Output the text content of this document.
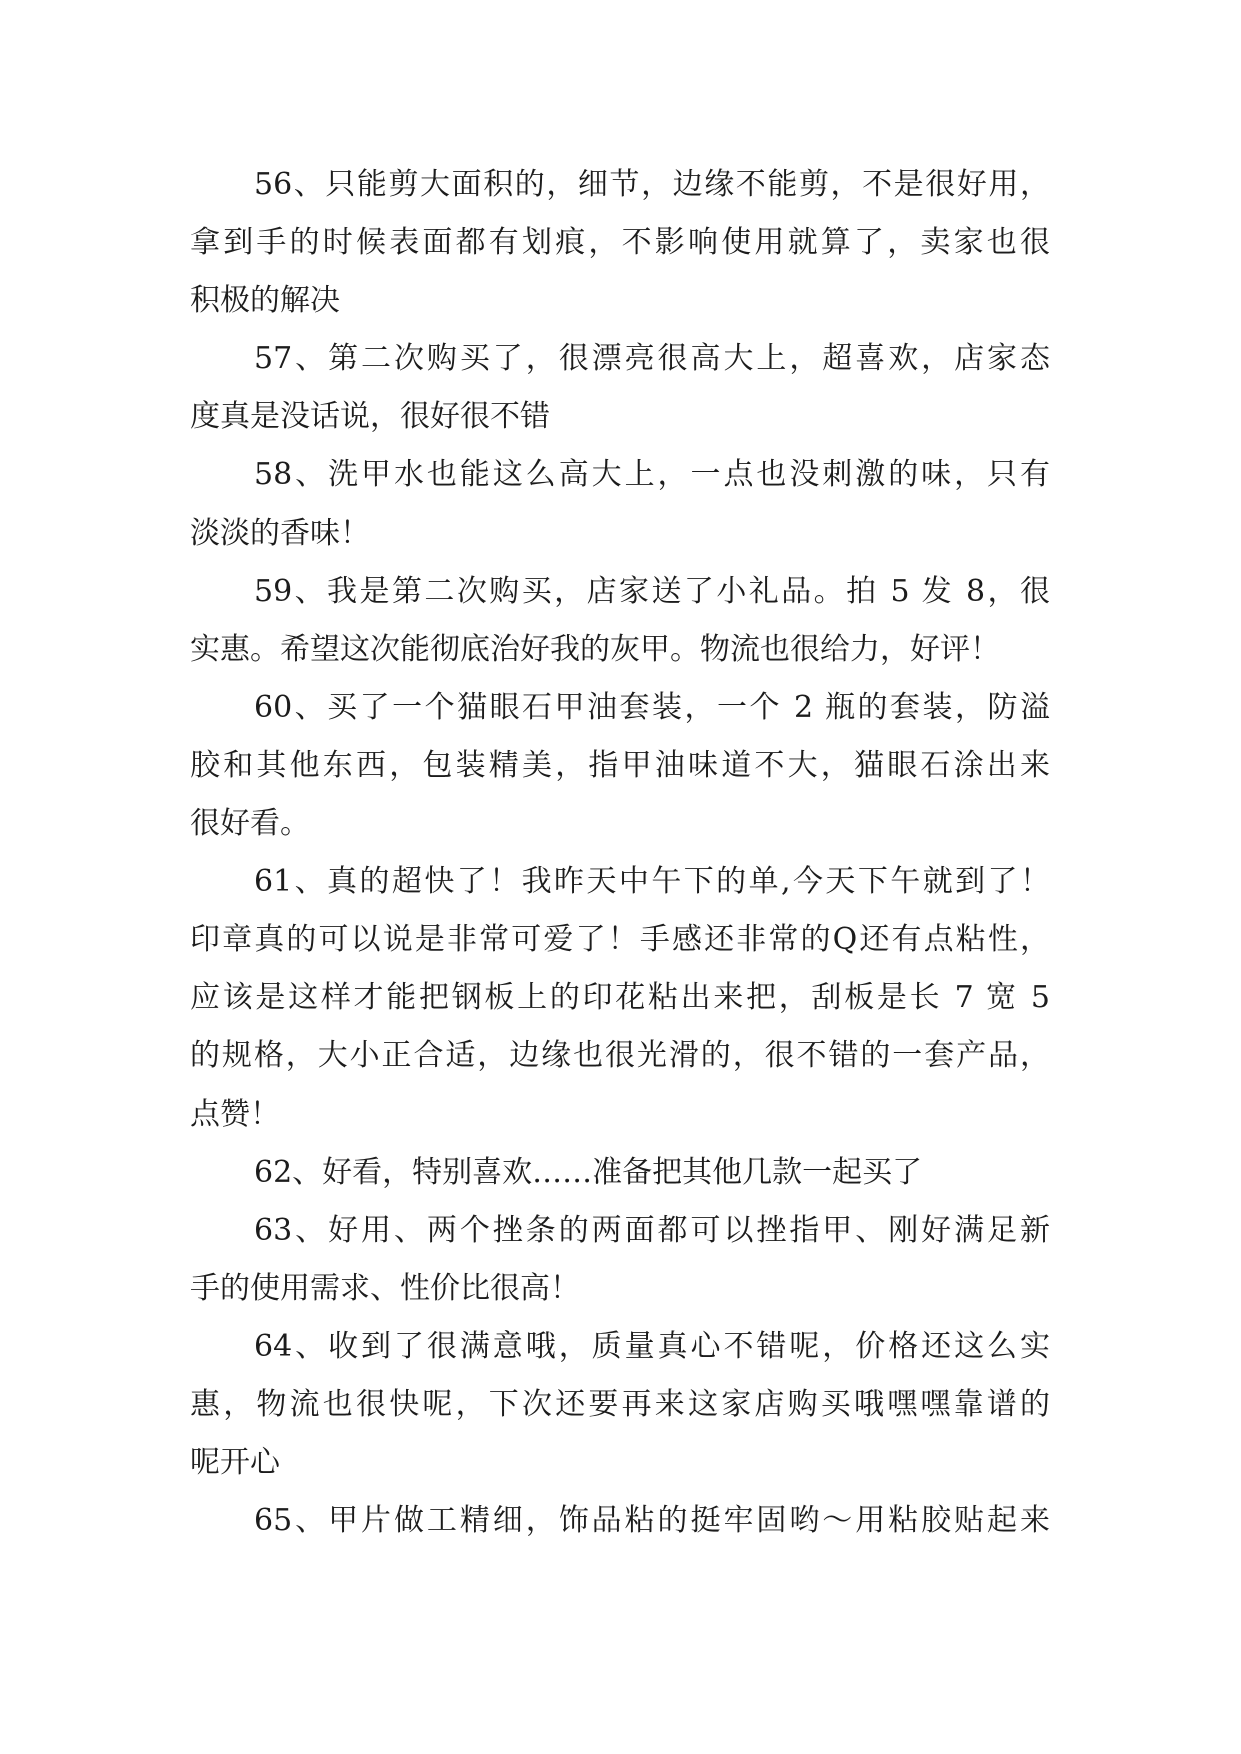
56、只能剪大面积的，细节，边缘不能剪，不是很好用，
拿到手的时候表面都有划痕，不影响使用就算了，卖家也很
积极的解决
57、第二次购买了，很漂亮很高大上，超喜欢，店家态
度真是没话说，很好很不错
58、洗甲水也能这么高大上，一点也没刺激的味，只有
淡淡的香味！
59、我是第二次购买，店家送了小礼品。拍 5 发 8，很
实惠。希望这次能彻底治好我的灰甲。物流也很给力，好评！
60、买了一个猫眼石甲油套装，一个 2 瓶的套装，防溢
胶和其他东西，包装精美，指甲油味道不大，猫眼石涂出来
很好看。
61、真的超快了！我昨天中午下的单,今天下午就到了！
印章真的可以说是非常可爱了！手感还非常的Q还有点粘性，
应该是这样才能把钢板上的印花粘出来把，刮板是长 7 宽 5
的规格，大小正合适，边缘也很光滑的，很不错的一套产品，
点赞！
62、好看，特别喜欢……准备把其他几款一起买了
63、好用、两个挫条的两面都可以挫指甲、刚好满足新
手的使用需求、性价比很高！
64、收到了很满意哦，质量真心不错呢，价格还这么实
惠，物流也很快呢，下次还要再来这家店购买哦嘿嘿靠谱的
呢开心
65、甲片做工精细，饰品粘的挺牢固哟～用粘胶贴起来
